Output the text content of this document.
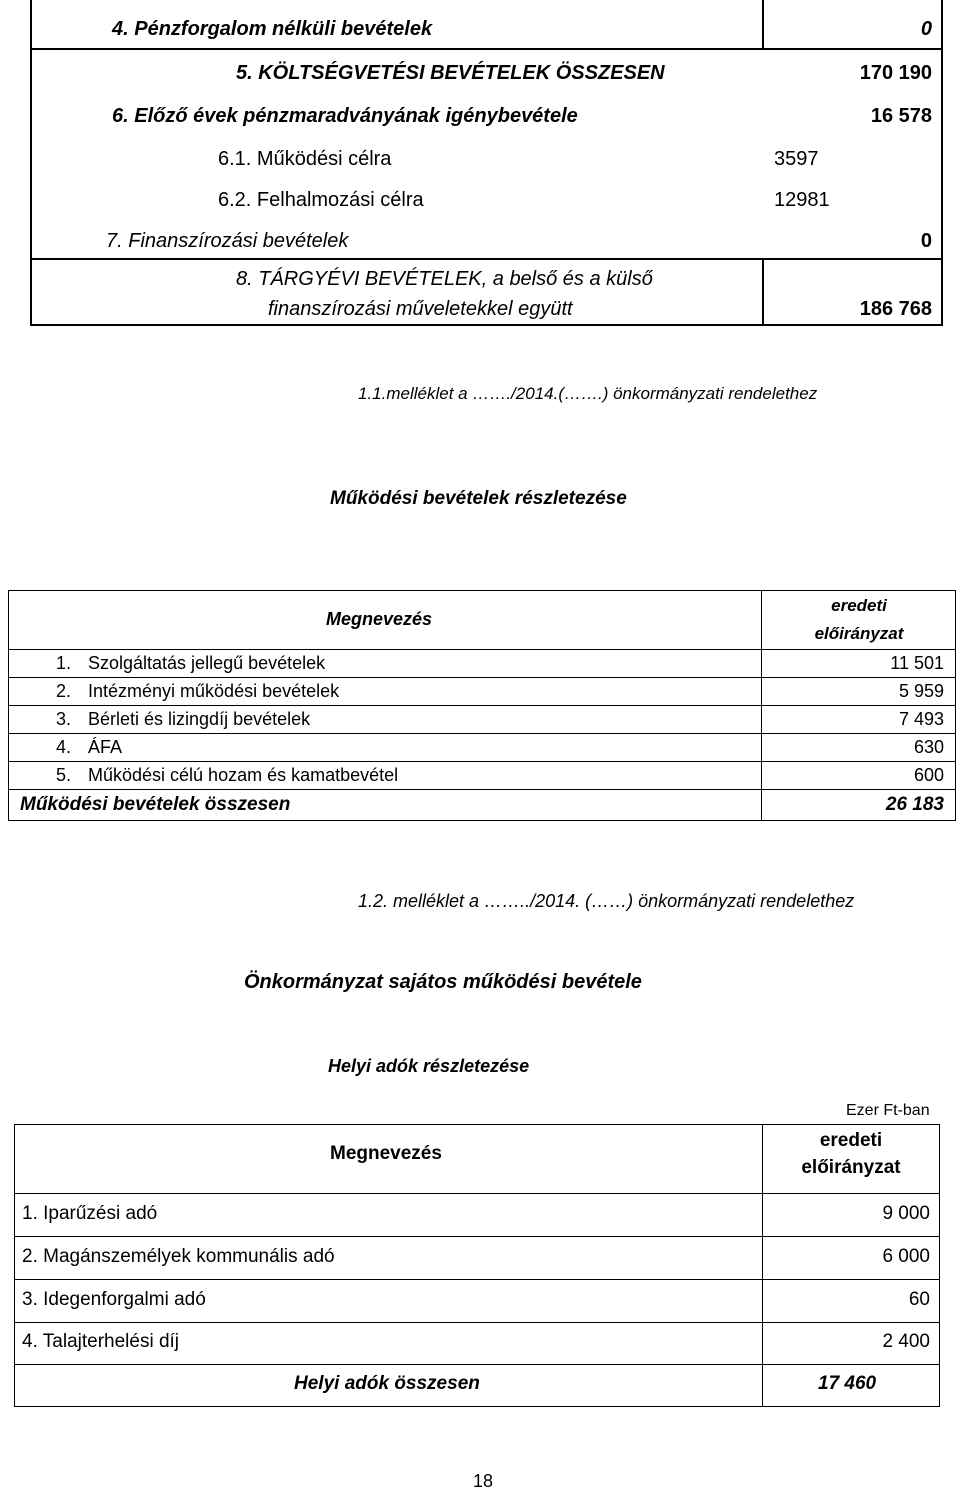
4. Pénzforgalom nélküli bevételek	0
5. KÖLTSÉGVETÉSI BEVÉTELEK ÖSSZESEN	170 190
6. Előző évek pénzmaradványának igénybevétele	16 578
6.1. Működési célra	3597
6.2. Felhalmozási célra	12981
7. Finanszírozási bevételek	0
8. TÁRGYÉVI BEVÉTELEK, a belső és a külső
finanszírozási műveletekkel együtt	186 768
1.1.melléklet a ……./2014.(…….) önkormányzati rendelethez
Működési bevételek részletezése
Megnevezés
eredeti
előirányzat
1. Szolgáltatás jellegű bevételek	11 501
2. Intézményi működési bevételek	5 959
3. Bérleti és lizingdíj bevételek	7 493
4. ÁFA	630
5. Működési célú hozam és kamatbevétel	600
Működési bevételek összesen	26 183
1.2. melléklet a ……../2014. (……) önkormányzati rendelethez
Önkormányzat sajátos működési bevétele
Helyi adók részletezése
Ezer Ft-ban
Megnevezés
eredeti
előirányzat
1. Iparűzési adó	9 000
2. Magánszemélyek kommunális adó	6 000
3. Idegenforgalmi adó	60
4. Talajterhelési díj	2 400
Helyi adók összesen	17 460
18
